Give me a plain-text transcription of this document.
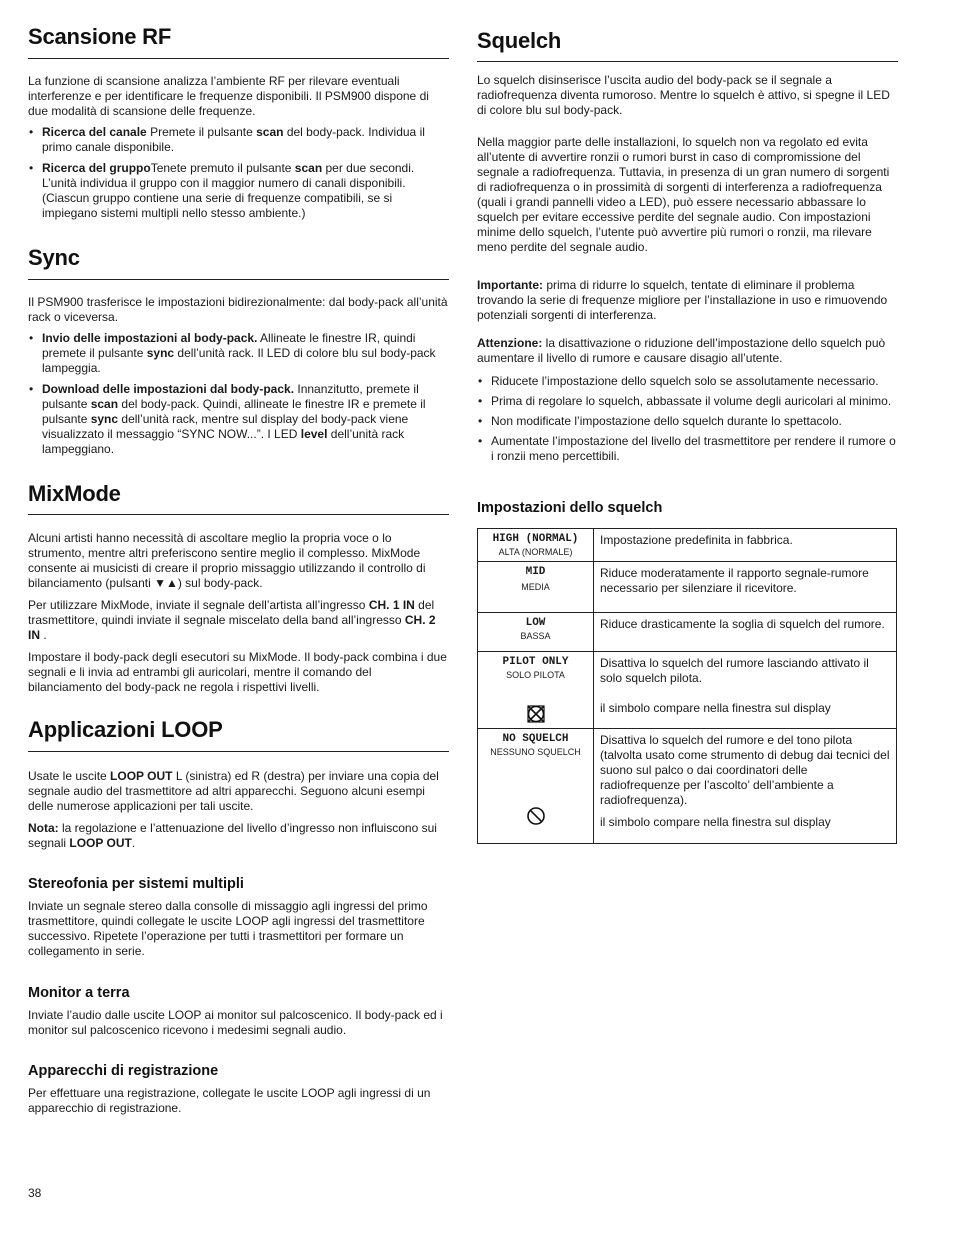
Scansione RF

La funzione di scansione analizza l’ambiente RF per rilevare eventuali interferenze e per identificare le frequenze disponibili. Il PSM900 dispone di due modalità di scansione delle frequenze.

• Ricerca del canale Premete il pulsante scan del body-pack. Individua il primo canale disponibile.
• Ricerca del gruppoTenete premuto il pulsante scan per due secondi. L’unità individua il gruppo con il maggior numero di canali disponibili. (Ciascun gruppo contiene una serie di frequenze compatibili, se si impiegano sistemi multipli nello stesso ambiente.)
Sync

Il PSM900 trasferisce le impostazioni bidirezionalmente: dal body-pack all’unità rack o viceversa.

• Invio delle impostazioni al body-pack. Allineate le finestre IR, quindi premete il pulsante sync dell’unità rack. Il LED di colore blu sul body-pack lampeggia.
• Download delle impostazioni dal body-pack. Innanzitutto, premete il pulsante scan del body-pack. Quindi, allineate le finestre IR e premete il pulsante sync dell’unità rack, mentre sul display del body-pack viene visualizzato il messaggio “SYNC NOW...”. I LED level dell’unità rack lampeggiano.
MixMode

Alcuni artisti hanno necessità di ascoltare meglio la propria voce o lo strumento, mentre altri preferiscono sentire meglio il complesso. MixMode consente ai musicisti di creare il proprio missaggio utilizzando il controllo di bilanciamento (pulsanti ▼▲) sul body-pack.

Per utilizzare MixMode, inviate il segnale dell’artista all’ingresso CH. 1 IN del trasmettitore, quindi inviate il segnale miscelato della band all’ingresso CH. 2 IN .

Impostare il body-pack degli esecutori su MixMode. Il body-pack combina i due segnali e li invia ad entrambi gli auricolari, mentre il comando del bilanciamento del body-pack ne regola i rispettivi livelli.

Applicazioni LOOP

Usate le uscite LOOP OUT L (sinistra) ed R (destra) per inviare una copia del segnale audio del trasmettitore ad altri apparecchi. Seguono alcuni esempi delle numerose applicazioni per tali uscite.

Nota: la regolazione e l’attenuazione del livello d’ingresso non influiscono sui segnali LOOP OUT.

Stereofonia per sistemi multipli

Inviate un segnale stereo dalla consolle di missaggio agli ingressi del primo trasmettitore, quindi collegate le uscite LOOP agli ingressi del trasmettitore successivo. Ripetete l’operazione per tutti i trasmettitori per formare un collegamento in serie.

Monitor a terra

Inviate l’audio dalle uscite LOOP ai monitor sul palcoscenico. Il body-pack ed i monitor sul palcoscenico ricevono i medesimi segnali audio.

Apparecchi di registrazione

Per effettuare una registrazione, collegate le uscite LOOP agli ingressi di un apparecchio di registrazione.

Squelch

Lo squelch disinserisce l’uscita audio del body-pack se il segnale a radiofrequenza diventa rumoroso. Mentre lo squelch è attivo, si spegne il LED di colore blu sul body-pack.

Nella maggior parte delle installazioni, lo squelch non va regolato ed evita all’utente di avvertire ronzii o rumori burst in caso di compromissione del segnale a radiofrequenza. Tuttavia, in presenza di un gran numero di sorgenti di radiofrequenza o in prossimità di sorgenti di interferenza a radiofrequenza (quali i grandi pannelli video a LED), può essere necessario abbassare lo squelch per evitare eccessive perdite del segnale audio. Con impostazioni minime dello squelch, l’utente può avvertire più rumori o ronzii, ma rilevare meno perdite del segnale audio.

Importante: prima di ridurre lo squelch, tentate di eliminare il problema trovando la serie di frequenze migliore per l’installazione in uso e rimuovendo potenziali sorgenti di interferenza.

Attenzione: la disattivazione o riduzione dell’impostazione dello squelch può aumentare il livello di rumore e causare disagio all’utente.

• Riducete l’impostazione dello squelch solo se assolutamente necessario.
• Prima di regolare lo squelch, abbassate il volume degli auricolari al minimo.
• Non modificate l’impostazione dello squelch durante lo spettacolo.
• Aumentate l’impostazione del livello del trasmettitore per rendere il rumore o i ronzii meno percettibili.
Impostazioni dello squelch
HIGH (NORMAL)
ALTA (NORMALE)	Impostazione predefinita in fabbrica.

MID
MEDIA	Riduce moderatamente il rapporto segnale-rumore necessario per silenziare il ricevitore.

LOW
BASSA	Riduce drasticamente la soglia di squelch del rumore.

PILOT ONLY
SOLO PILOTA	Disattiva lo squelch del rumore lasciando attivato il solo squelch pilota.

il simbolo compare nella finestra sul display

NO SQUELCH
NESSUNO SQUELCH	Disattiva lo squelch del rumore e del tono pilota (talvolta usato come strumento di debug dai tecnici del suono sul palco o dai coordinatori delle radiofrequenze per l’ascolto’ dell’ambiente a radiofrequenza).

il simbolo compare nella finestra sul display
38
